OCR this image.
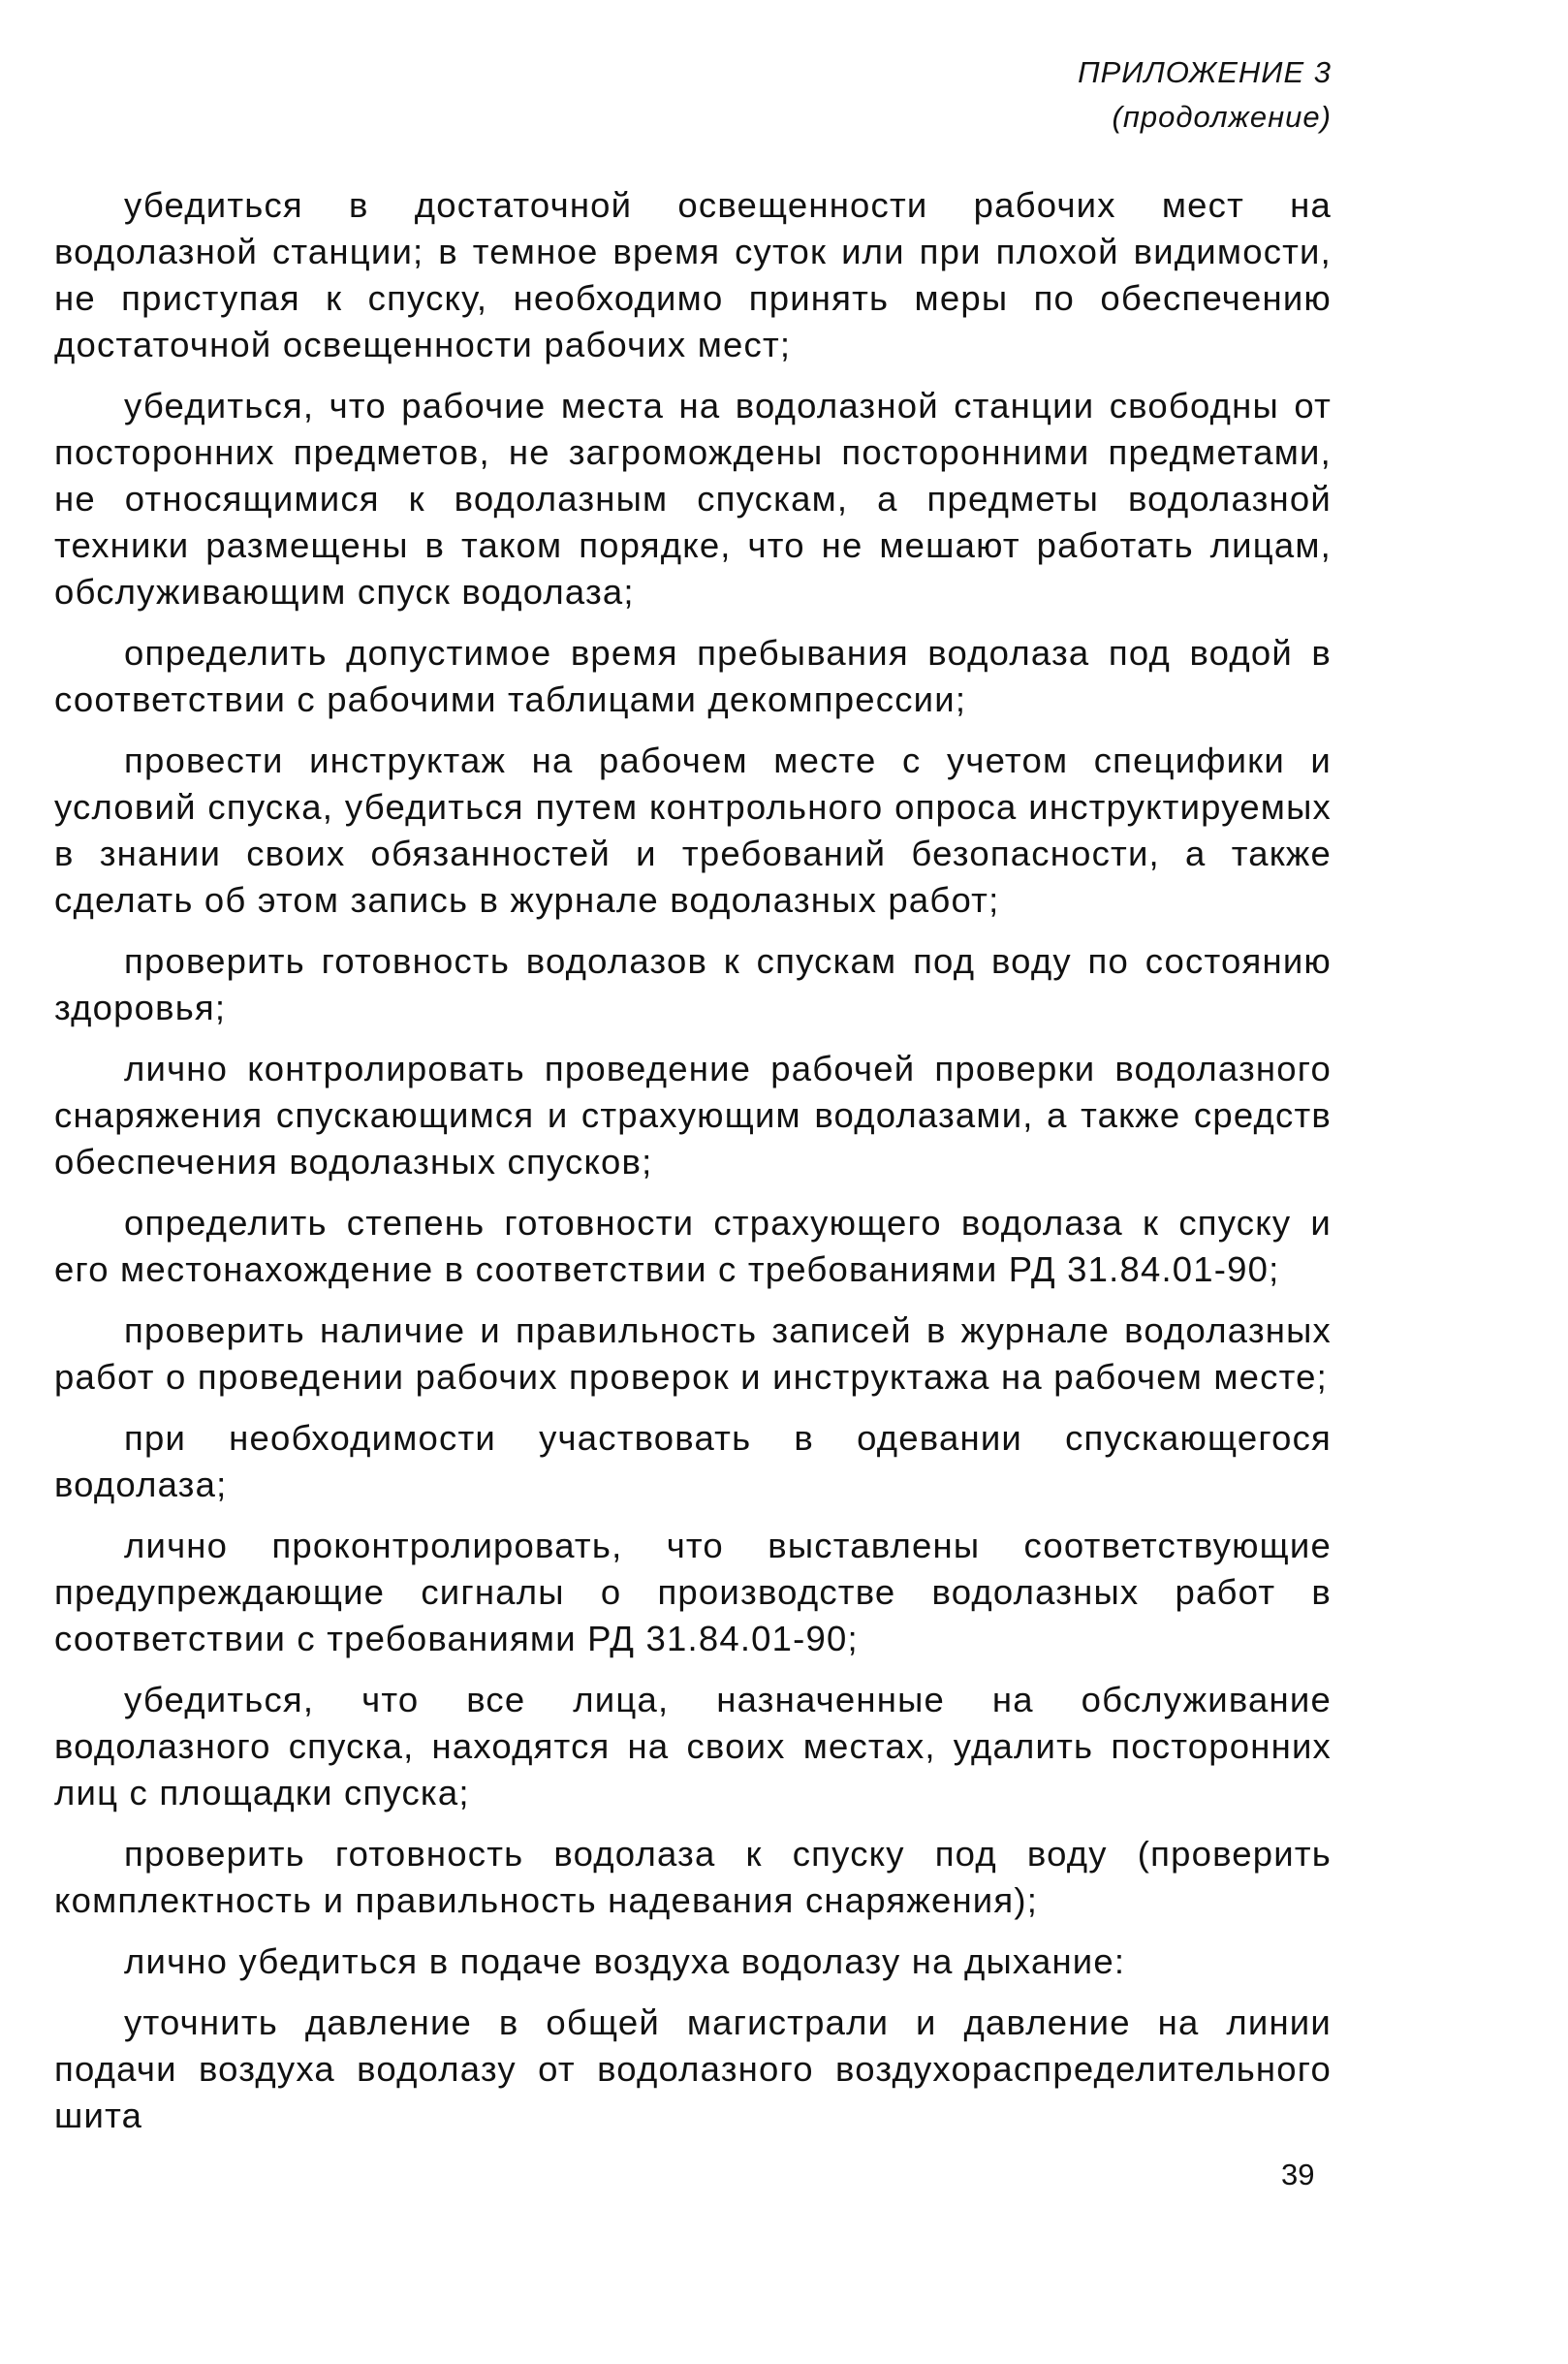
ПРИЛОЖЕНИЕ 3
(продолжение)

убедиться в достаточной освещенности рабочих мест на водолазной станции; в темное время суток или при плохой видимости, не приступая к спуску, необходимо принять меры по обеспечению достаточной освещенности рабочих мест;

убедиться, что рабочие места на водолазной станции свободны от посторонних предметов, не загромождены посторонними предметами, не относящимися к водолазным спускам, а предметы водолазной техники размещены в таком порядке, что не мешают работать лицам, обслуживающим спуск водолаза;

определить допустимое время пребывания водолаза под водой в соответствии с рабочими таблицами декомпрессии;

провести инструктаж на рабочем месте с учетом специфики и условий спуска, убедиться путем контрольного опроса инструктируемых в знании своих обязанностей и требований безопасности, а также сделать об этом запись в журнале водолазных работ;

проверить готовность водолазов к спускам под воду по состоянию здоровья;

лично контролировать проведение рабочей проверки водолазного снаряжения спускающимся и страхующим водолазами, а также средств обеспечения водолазных спусков;

определить степень готовности страхующего водолаза к спуску и его местонахождение в соответствии с требованиями РД 31.84.01-90;

проверить наличие и правильность записей в журнале водолазных работ о проведении рабочих проверок и инструктажа на рабочем месте;

при необходимости участвовать в одевании спускающегося водолаза;

лично проконтролировать, что выставлены соответствующие предупреждающие сигналы о производстве водолазных работ в соответствии с требованиями РД 31.84.01-90;

убедиться, что все лица, назначенные на обслуживание водолазного спуска, находятся на своих местах, удалить посторонних лиц с площадки спуска;

проверить готовность водолаза к спуску под воду (проверить комплектность и правильность надевания снаряжения);

лично убедиться в подаче воздуха водолазу на дыхание:

уточнить давление в общей магистрали и давление на линии подачи воздуха водолазу от водолазного воздухораспределительного шита

39
